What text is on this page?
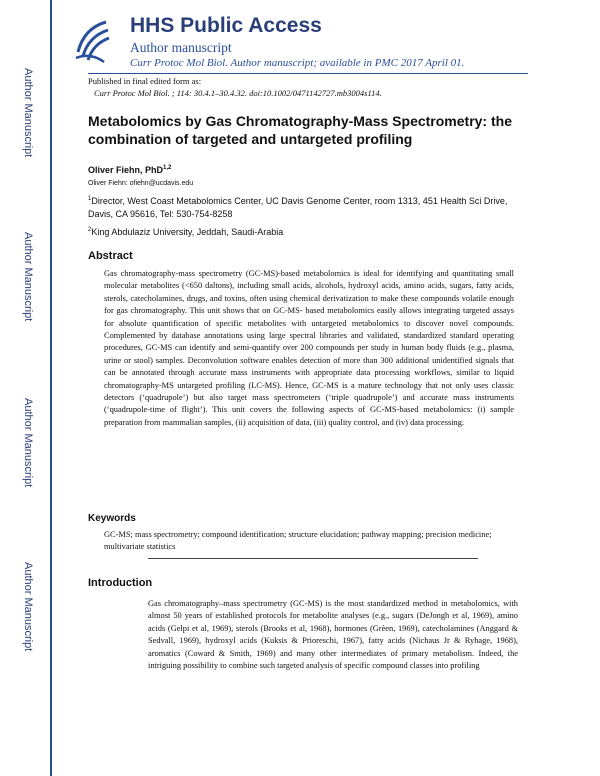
Author Manuscript
Author Manuscript
Author Manuscript
Author Manuscript
HHS Public Access
Author manuscript
Curr Protoc Mol Biol. Author manuscript; available in PMC 2017 April 01.
Published in final edited form as:
Curr Protoc Mol Biol. ; 114: 30.4.1–30.4.32. doi:10.1002/0471142727.mb3004s114.
Metabolomics by Gas Chromatography-Mass Spectrometry: the combination of targeted and untargeted profiling
Oliver Fiehn, PhD$^{1,2}$
Oliver Fiehn: ofiehn@ucdavis.edu
$^1$Director, West Coast Metabolomics Center, UC Davis Genome Center, room 1313, 451 Health Sci Drive, Davis, CA 95616, Tel: 530-754-8258
$^2$King Abdulaziz University, Jeddah, Saudi-Arabia
Abstract
Gas chromatography-mass spectrometry (GC-MS)-based metabolomics is ideal for identifying and quantitating small molecular metabolites (<650 daltons), including small acids, alcohols, hydroxyl acids, amino acids, sugars, fatty acids, sterols, catecholamines, drugs, and toxins, often using chemical derivatization to make these compounds volatile enough for gas chromatography. This unit shows that on GC-MS- based metabolomics easily allows integrating targeted assays for absolute quantification of specific metabolites with untargeted metabolomics to discover novel compounds. Complemented by database annotations using large spectral libraries and validated, standardized standard operating procedures, GC-MS can identify and semi-quantify over 200 compounds per study in human body fluids (e.g., plasma, urine or stool) samples. Deconvolution software enables detection of more than 300 additional unidentified signals that can be annotated through accurate mass instruments with appropriate data processing workflows, similar to liquid chromatography-MS untargeted profiling (LC-MS). Hence, GC-MS is a mature technology that not only uses classic detectors (‘quadrupole’) but also target mass spectrometers (‘triple quadrupole’) and accurate mass instruments (‘quadrupole-time of flight’). This unit covers the following aspects of GC-MS-based metabolomics: (i) sample preparation from mammalian samples, (ii) acquisition of data, (iii) quality control, and (iv) data processing.
Keywords
GC-MS; mass spectrometry; compound identification; structure elucidation; pathway mapping; precision medicine; multivariate statistics
Introduction
Gas chromatography–mass spectrometry (GC-MS) is the most standardized method in metabolomics, with almost 50 years of established protocols for metabolite analyses (e.g., sugars (DeJongh et al, 1969), amino acids (Gelpi et al, 1969), sterols (Brooks et al, 1968), hormones (Grèen, 1969), catecholamines (Anggard & Sedvall, 1969), hydroxyl acids (Kuksis & Prioreschi, 1967), fatty acids (Nichaus Jr & Ryhage, 1968), aromatics (Coward & Smith, 1969) and many other intermediates of primary metabolism. Indeed, the intriguing possibility to combine such targeted analysis of specific compound classes into profiling
